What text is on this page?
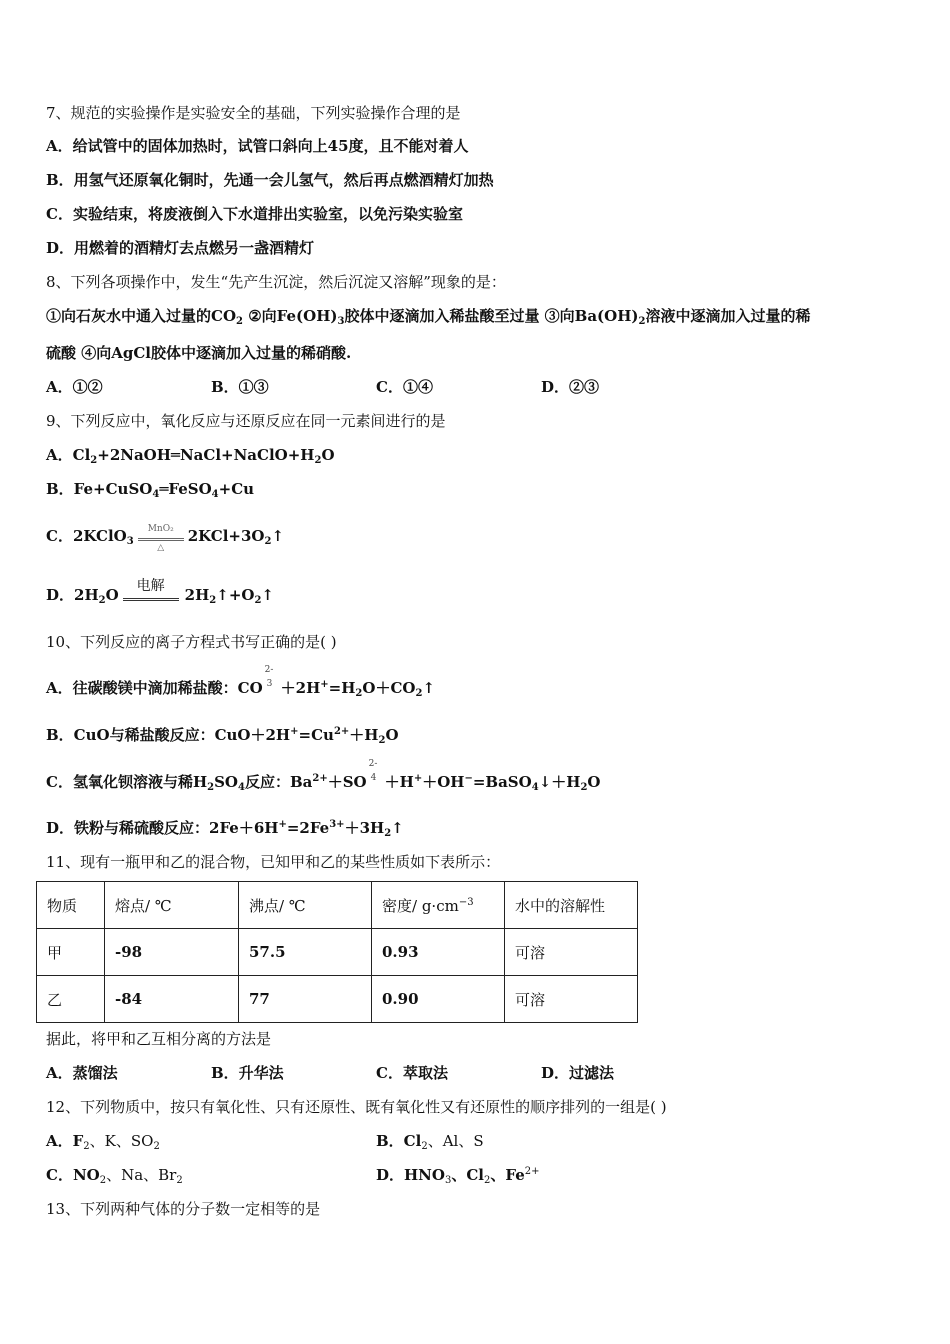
7、规范的实验操作是实验安全的基础，下列实验操作合理的是
A．给试管中的固体加热时，试管口斜向上45度，且不能对着人
B．用氢气还原氧化铜时，先通一会儿氢气，然后再点燃酒精灯加热
C．实验结束，将废液倒入下水道排出实验室，以免污染实验室
D．用燃着的酒精灯去点燃另一盏酒精灯
8、下列各项操作中，发生“先产生沉淀，然后沉淀又溶解”现象的是：
①向石灰水中通入过量的$CO_2$ ②向$Fe(OH)_3$胶体中逐滴加入稀盐酸至过量 ③向$Ba(OH)_2$溶液中逐滴加入过量的稀
硫酸 ④向AgCl胶体中逐滴加入过量的稀硝酸.
A．①②	B．①③	C．①④	D．②③
9、下列反应中，氧化反应与还原反应在同一元素间进行的是
A．$Cl_2+2NaOH═NaCl+NaClO+H_2O$
B．Fe+CuSO$_4$═FeSO$_4$+Cu
C．2KClO$_3$
MnO₂
△
$2KCl+3O_2↑$
D．$2H_2O$	电解	$2H_2↑+O_2↑$
10、下列反应的离子方程式书写正确的是( )
A．往碳酸镁中滴加稀盐酸：CO
2-
$3 +2H^+=H_2O+CO_2↑$
B．CuO与稀盐酸反应：$CuO+2H^+=Cu^{2+}+H_2O$
C．氢氧化钡溶液与稀$H_2SO_4$反应：$Ba^{2+}+SO$
2-
$4 +H^++OH^-=BaSO_4↓+H_2O$
D．铁粉与稀硫酸反应：$2Fe+6H^+=2Fe^{3+}+3H_2↑$
11、现有一瓶甲和乙的混合物，已知甲和乙的某些性质如下表所示：
物质	熔点/ ℃	沸点/ ℃	密度/ $g\cdot cm^{-3}$	水中的溶解性
甲	-98	57.5	0.93	可溶
乙	-84	77	0.90	可溶
据此，将甲和乙互相分离的方法是
A．蒸馏法	B．升华法	C．萃取法	D．过滤法
12、下列物质中，按只有氧化性、只有还原性、既有氧化性又有还原性的顺序排列的一组是( )
A．$F_2$、K、$SO_2$	B．$Cl_2$、Al、S
C．$NO_2$、Na、$Br_2$	D．$HNO_3$、$Cl_2$、$Fe^{2+}$
13、下列两种气体的分子数一定相等的是
